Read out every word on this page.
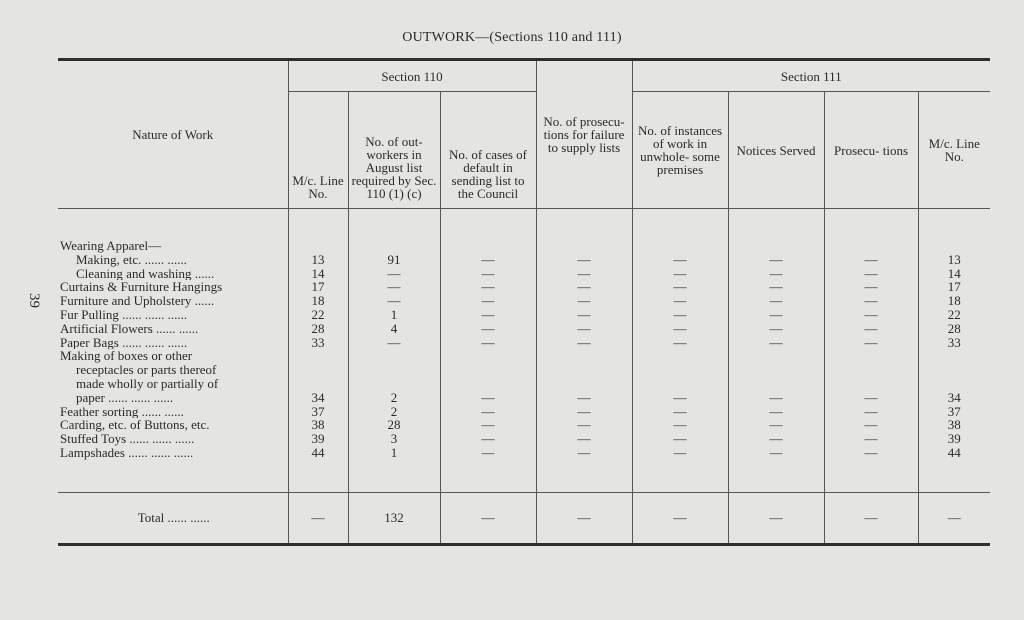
OUTWORK—(Sections 110 and 111)
39
Nature of Work	Section 110			No. of prosecu- tions for failure to supply lists	Section 111			
	M/c. Line No.	No. of out-workers in August list required by Sec. 110 (1) (c)	No. of cases of default in sending list to the Council		No. of instances of work in unwhole- some premises	Notices Served	Prosecu- tions	M/c. Line No.

Wearing Apparel—								
Making, etc. ...... ......	13	91	—	—	—	—	—	13
Cleaning and washing ......	14	—	—	—	—	—	—	14
Curtains & Furniture Hangings	17	—	—	—	—	—	—	17
Furniture and Upholstery ......	18	—	—	—	—	—	—	18
Fur Pulling ...... ...... ......	22	1	—	—	—	—	—	22
Artificial Flowers ...... ......	28	4	—	—	—	—	—	28
Paper Bags ...... ...... ......	33	—	—	—	—	—	—	33
Making of boxes or other								
receptacles or parts thereof								
made wholly or partially of								
paper ...... ...... ......	34	2	—	—	—	—	—	34
Feather sorting ...... ......	37	2	—	—	—	—	—	37
Carding, etc. of Buttons, etc.	38	28	—	—	—	—	—	38
Stuffed Toys ...... ...... ......	39	3	—	—	—	—	—	39
Lampshades ...... ...... ......	44	1	—	—	—	—	—	44

Total ...... ......	—	132	—	—	—	—	—	—
